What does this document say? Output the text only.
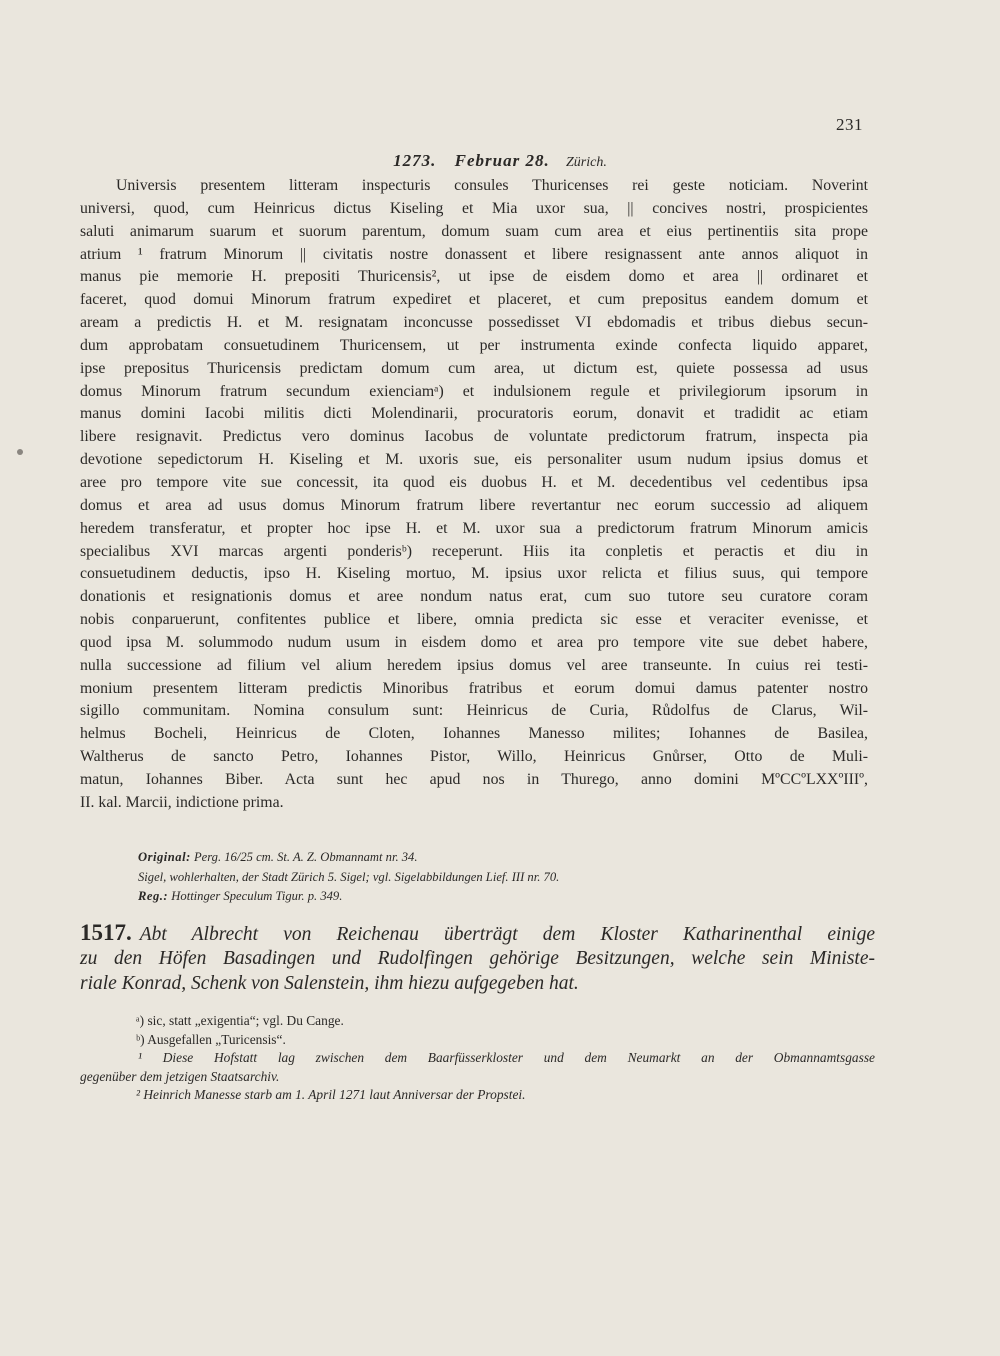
231
1273. Februar 28. Zürich.
Universis presentem litteram inspecturis consules Thuricenses rei geste noticiam. Noverint
universi, quod, cum Heinricus dictus Kiseling et Mia uxor sua, || concives nostri, prospicientes
saluti animarum suarum et suorum parentum, domum suam cum area et eius pertinentiis sita prope
atrium ¹ fratrum Minorum || civitatis nostre donassent et libere resignassent ante annos aliquot in
manus pie memorie H. prepositi Thuricensis², ut ipse de eisdem domo et area || ordinaret et
faceret, quod domui Minorum fratrum expediret et placeret, et cum prepositus eandem domum et
aream a predictis H. et M. resignatam inconcusse possedisset VI ebdomadis et tribus diebus secun-
dum approbatam consuetudinem Thuricensem, ut per instrumenta exinde confecta liquido apparet,
ipse prepositus Thuricensis predictam domum cum area, ut dictum est, quiete possessa ad usus
domus Minorum fratrum secundum exienciamᵃ) et indulsionem regule et privilegiorum ipsorum in
manus domini Iacobi militis dicti Molendinarii, procuratoris eorum, donavit et tradidit ac etiam
libere resignavit. Predictus vero dominus Iacobus de voluntate predictorum fratrum, inspecta pia
devotione sepedictorum H. Kiseling et M. uxoris sue, eis personaliter usum nudum ipsius domus et
aree pro tempore vite sue concessit, ita quod eis duobus H. et M. decedentibus vel cedentibus ipsa
domus et area ad usus domus Minorum fratrum libere revertantur nec eorum successio ad aliquem
heredem transferatur, et propter hoc ipse H. et M. uxor sua a predictorum fratrum Minorum amicis
specialibus XVI marcas argenti ponderisᵇ) receperunt. Hiis ita conpletis et peractis et diu in
consuetudinem deductis, ipso H. Kiseling mortuo, M. ipsius uxor relicta et filius suus, qui tempore
donationis et resignationis domus et aree nondum natus erat, cum suo tutore seu curatore coram
nobis conparuerunt, confitentes publice et libere, omnia predicta sic esse et veraciter evenisse, et
quod ipsa M. solummodo nudum usum in eisdem domo et area pro tempore vite sue debet habere,
nulla successione ad filium vel alium heredem ipsius domus vel aree transeunte. In cuius rei testi-
monium presentem litteram predictis Minoribus fratribus et eorum domui damus patenter nostro
sigillo communitam. Nomina consulum sunt: Heinricus de Curia, Růdolfus de Clarus, Wil-
helmus Bocheli, Heinricus de Cloten, Iohannes Manesso milites; Iohannes de Basilea,
Waltherus de sancto Petro, Iohannes Pistor, Willo, Heinricus Gnůrser, Otto de Muli-
matun, Iohannes Biber. Acta sunt hec apud nos in Thurego, anno domini MºCCºLXXºIIIº,
II. kal. Marcii, indictione prima.
Original: Perg. 16/25 cm. St. A. Z. Obmannamt nr. 34.
Sigel, wohlerhalten, der Stadt Zürich 5. Sigel; vgl. Sigelabbildungen Lief. III nr. 70.
Reg.: Hottinger Speculum Tigur. p. 349.
1517. Abt Albrecht von Reichenau überträgt dem Kloster Katharinenthal einige
zu den Höfen Basadingen und Rudolfingen gehörige Besitzungen, welche sein Ministe-
riale Konrad, Schenk von Salenstein, ihm hiezu aufgegeben hat.
ᵃ) sic, statt „exigentia“; vgl. Du Cange.
ᵇ) Ausgefallen „Turicensis“.
¹ Diese Hofstatt lag zwischen dem Baarfüsserkloster und dem Neumarkt an der Obmannamtsgasse
gegenüber dem jetzigen Staatsarchiv.
² Heinrich Manesse starb am 1. April 1271 laut Anniversar der Propstei.
